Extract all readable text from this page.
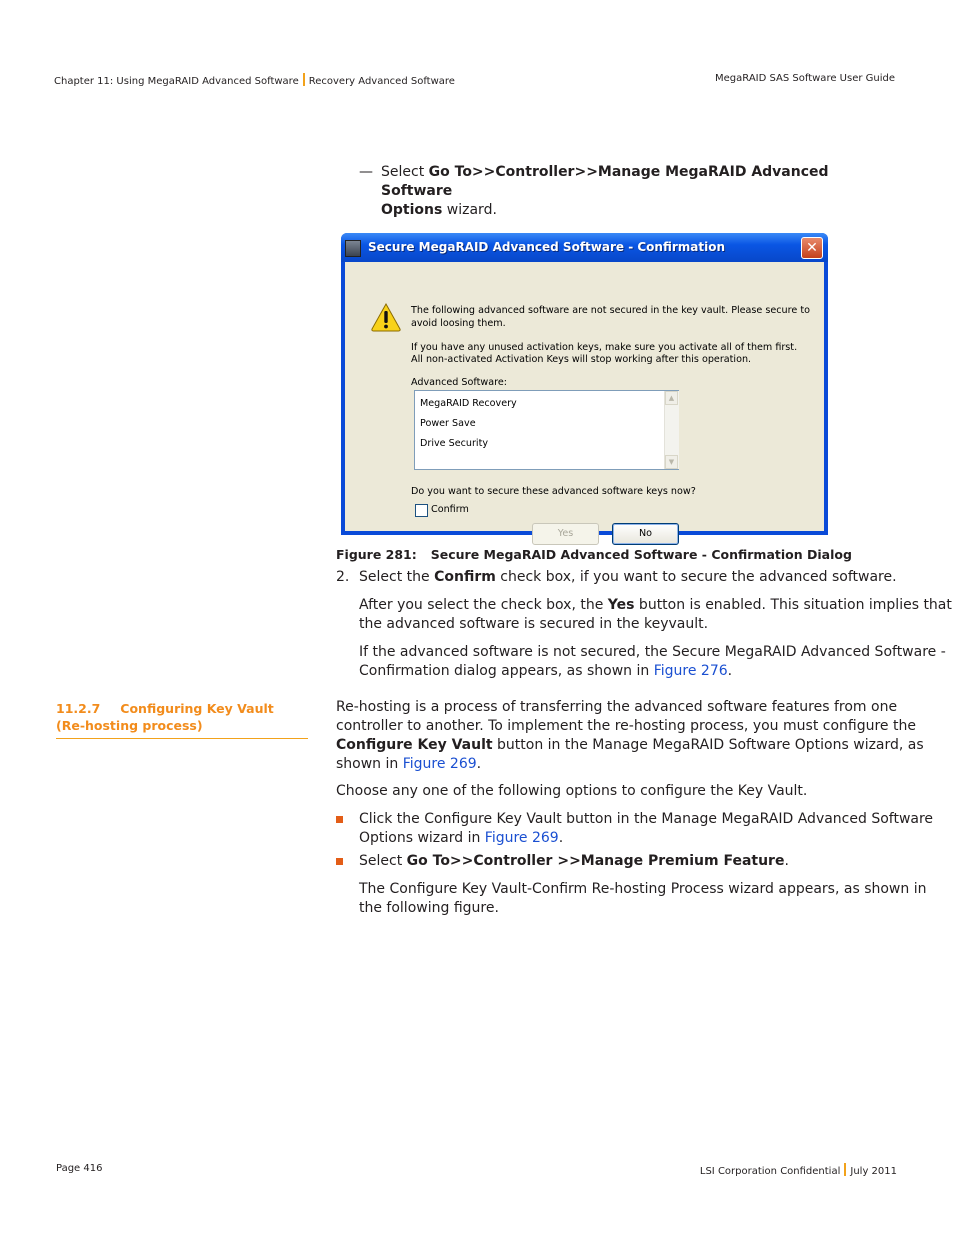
Chapter 11: Using MegaRAID Advanced Software Recovery Advanced Software	MegaRAID SAS Software User Guide
— Select Go To>>Controller>>Manage MegaRAID Advanced Software
Options wizard.
Secure MegaRAID Advanced Software - Confirmation	✕
The following advanced software are not secured in the key vault. Please secure to
avoid loosing them.
If you have any unused activation keys, make sure you activate all of them first.
All non-activated Activation Keys will stop working after this operation.
Advanced Software:
MegaRAID Recovery
Power Save
Drive Security
▲
▼
Do you want to secure these advanced software keys now?
Confirm
Yes	No
Figure 281: Secure MegaRAID Advanced Software - Confirmation Dialog
2. Select the Confirm check box, if you want to secure the advanced software.
After you select the check box, the Yes button is enabled. This situation implies that
the advanced software is secured in the keyvault.
If the advanced software is not secured, the Secure MegaRAID Advanced Software -
Confirmation dialog appears, as shown in Figure 276.
11.2.7 Configuring Key Vault
(Re-hosting process)
Re-hosting is a process of transferring the advanced software features from one
controller to another. To implement the re-hosting process, you must configure the
Configure Key Vault button in the Manage MegaRAID Software Options wizard, as
shown in Figure 269.
Choose any one of the following options to configure the Key Vault.
Click the Configure Key Vault button in the Manage MegaRAID Advanced Software
Options wizard in Figure 269.
Select Go To>>Controller >>Manage Premium Feature.
The Configure Key Vault-Confirm Re-hosting Process wizard appears, as shown in
the following figure.
Page 416	LSI Corporation Confidential July 2011
